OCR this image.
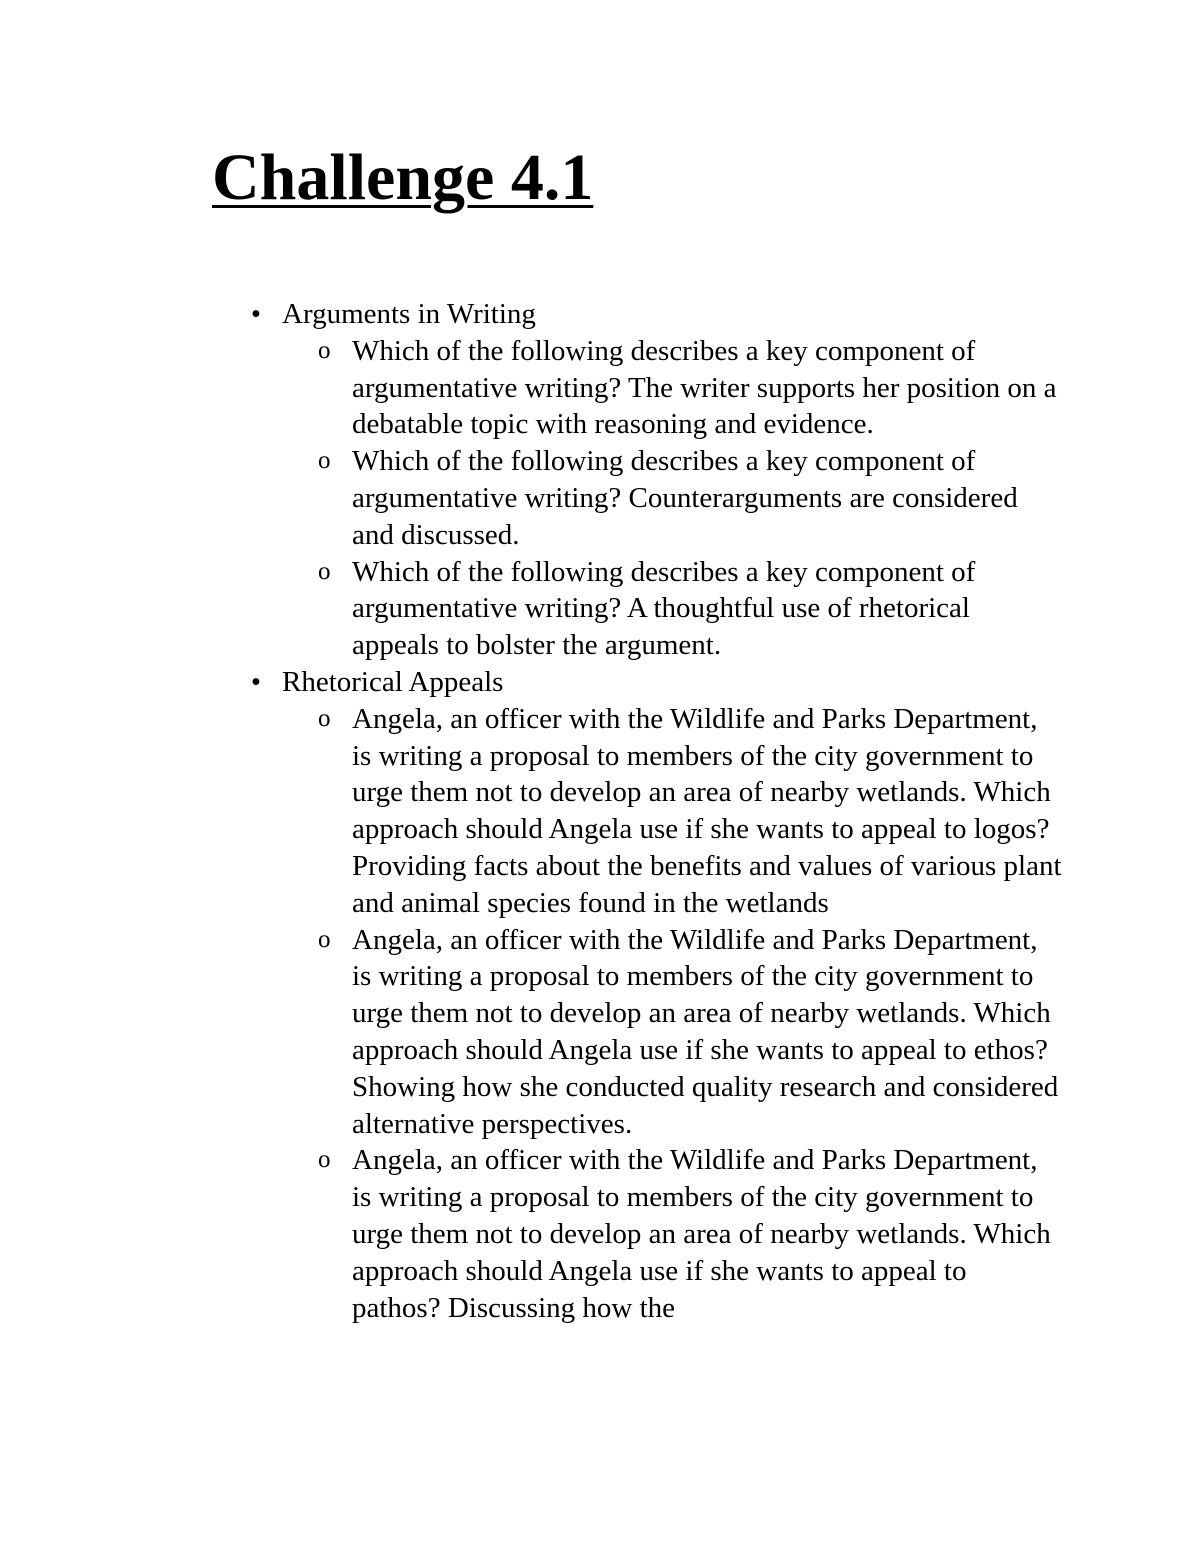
Challenge 4.1
• Arguments in Writing
o Which of the following describes a key component of argumentative writing? The writer supports her position on a debatable topic with reasoning and evidence.
o Which of the following describes a key component of argumentative writing? Counterarguments are considered and discussed.
o Which of the following describes a key component of argumentative writing? A thoughtful use of rhetorical appeals to bolster the argument.
• Rhetorical Appeals
o Angela, an officer with the Wildlife and Parks Department, is writing a proposal to members of the city government to urge them not to develop an area of nearby wetlands. Which approach should Angela use if she wants to appeal to logos? Providing facts about the benefits and values of various plant and animal species found in the wetlands
o Angela, an officer with the Wildlife and Parks Department, is writing a proposal to members of the city government to urge them not to develop an area of nearby wetlands. Which approach should Angela use if she wants to appeal to ethos? Showing how she conducted quality research and considered alternative perspectives.
o Angela, an officer with the Wildlife and Parks Department, is writing a proposal to members of the city government to urge them not to develop an area of nearby wetlands. Which approach should Angela use if she wants to appeal to pathos? Discussing how the
